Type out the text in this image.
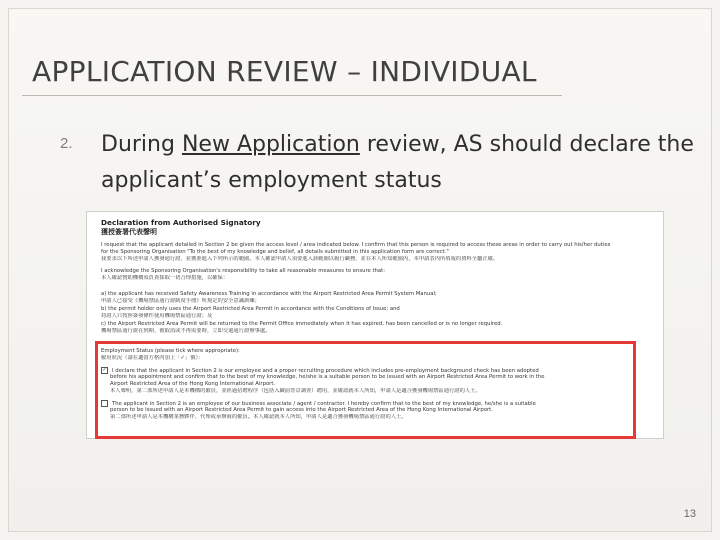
APPLICATION REVIEW – INDIVIDUAL
2. During New Application review, AS should declare the applicant’s employment status
Declaration from Authorised Signatory
獲授簽署代表聲明
I request that the applicant detailed in Section 2 be given the access level / area indicated below. I confirm that this person is required to access these areas in order to carry out his/her duties
for the Sponsoring Organisation "To the best of my knowledge and belief, all details submitted in this application form are correct."
我要求以下所述申請人獲發通行證，並獲准進入下列所示的範圍。本人確認申請人須要進入該範圍以履行職務，並在本人所知範圍內，本申請表內所填報的資料全屬正確。
I acknowledge the Sponsoring Organisation's responsibility to take all reasonable measures to ensure that:
本人確認贊助機構須負責採取一切合理措施，以確保：
a) the applicant has received Safety Awareness Training in accordance with the Airport Restricted Area Permit System Manual;
申請人已接受《機場禁區通行證制度手冊》所規定的安全意識訓練；
b) the permit holder only uses the Airport Restricted Area Permit in accordance with the Conditions of Issue; and
持證人只按照簽發條件使用機場禁區通行證；及
c) the Airport Restricted Area Permit will be returned to the Permit Office immediately when it has expired, has been cancelled or is no longer required.
機場禁區通行證在到期、被取消或不再需要時，立即交還通行證辦事處。
Employment Status (please tick where appropriate):
僱用狀況（請在適當方格內加上「✓」號）：
✓ I declare that the applicant in Section 2 is our employee and a proper recruiting procedure which includes pre-employment background check has been adopted
before his appointment and confirm that to the best of my knowledge, he/she is a suitable person to be issued with an Airport Restricted Area Permit to work in the
Airport Restricted Area of the Hong Kong International Airport.
本人聲明，第二部所述申請人是本機構的僱員，並經過招聘程序（包括入職前背景調查）聘用，並確認就本人所知，申請人是適合獲發機場禁區通行證的人士。
The applicant in Section 2 is an employee of our business associate / agent / contractor. I hereby confirm that to the best of my knowledge, he/she is a suitable
person to be issued with an Airport Restricted Area Permit to gain access into the Airport Restricted Area of the Hong Kong International Airport.
第二部所述申請人是本機構業務夥伴、代理或承辦商的僱員。本人確認就本人所知，申請人是適合獲發機場禁區通行證的人士。
13
